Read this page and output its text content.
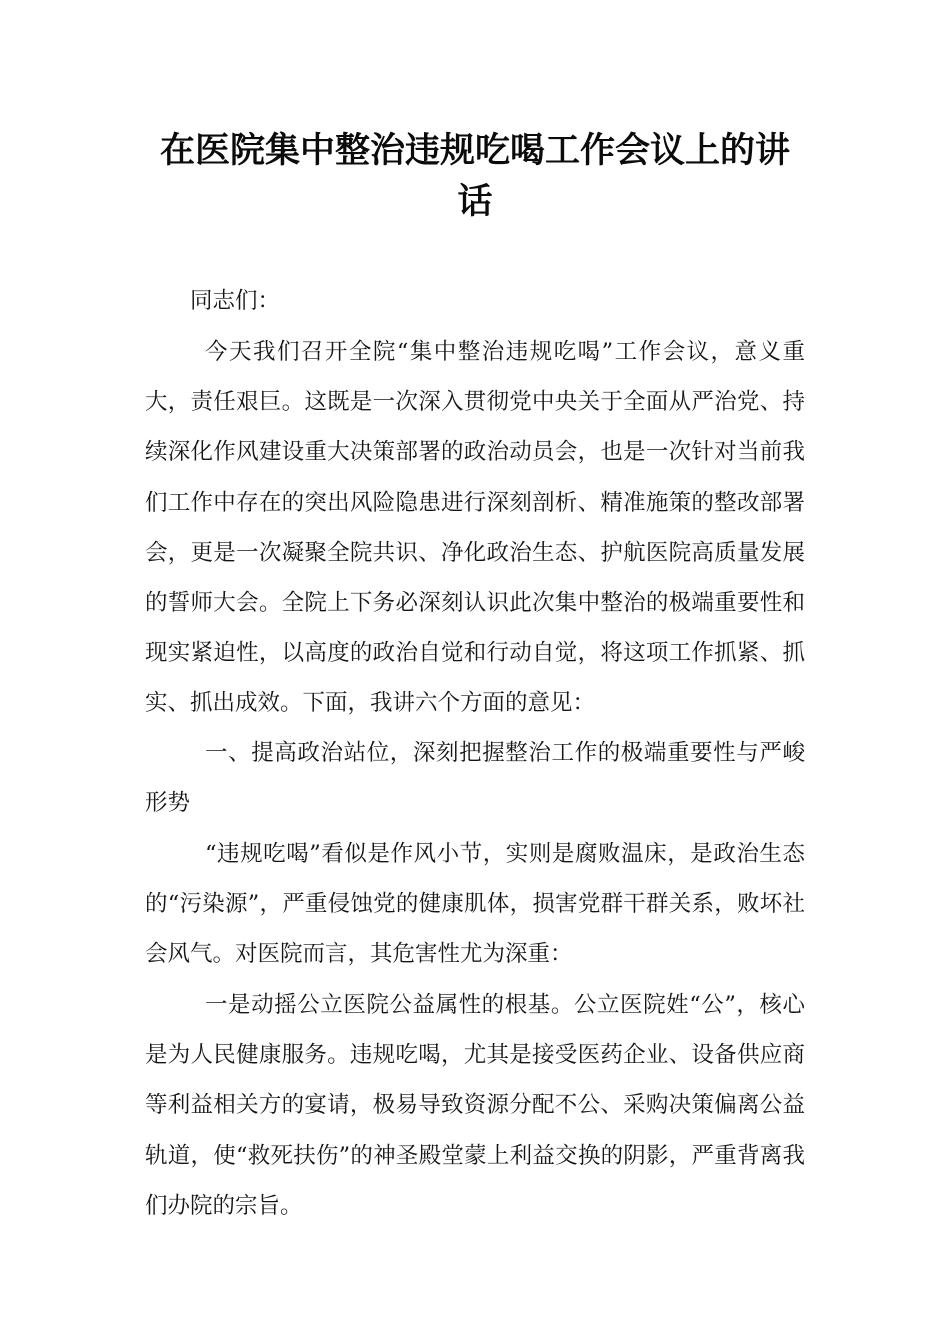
在医院集中整治违规吃喝工作会议上的讲话

同志们：

今天我们召开全院“集中整治违规吃喝”工作会议，意义重大，责任艰巨。这既是一次深入贯彻党中央关于全面从严治党、持续深化作风建设重大决策部署的政治动员会，也是一次针对当前我们工作中存在的突出风险隐患进行深刻剖析、精准施策的整改部署会，更是一次凝聚全院共识、净化政治生态、护航医院高质量发展的誓师大会。全院上下务必深刻认识此次集中整治的极端重要性和现实紧迫性，以高度的政治自觉和行动自觉，将这项工作抓紧、抓实、抓出成效。下面，我讲六个方面的意见：

一、提高政治站位，深刻把握整治工作的极端重要性与严峻形势

“违规吃喝”看似是作风小节，实则是腐败温床，是政治生态的“污染源”，严重侵蚀党的健康肌体，损害党群干群关系，败坏社会风气。对医院而言，其危害性尤为深重：

一是动摇公立医院公益属性的根基。公立医院姓“公”，核心是为人民健康服务。违规吃喝，尤其是接受医药企业、设备供应商等利益相关方的宴请，极易导致资源分配不公、采购决策偏离公益轨道，使“救死扶伤”的神圣殿堂蒙上利益交换的阴影，严重背离我们办院的宗旨。
